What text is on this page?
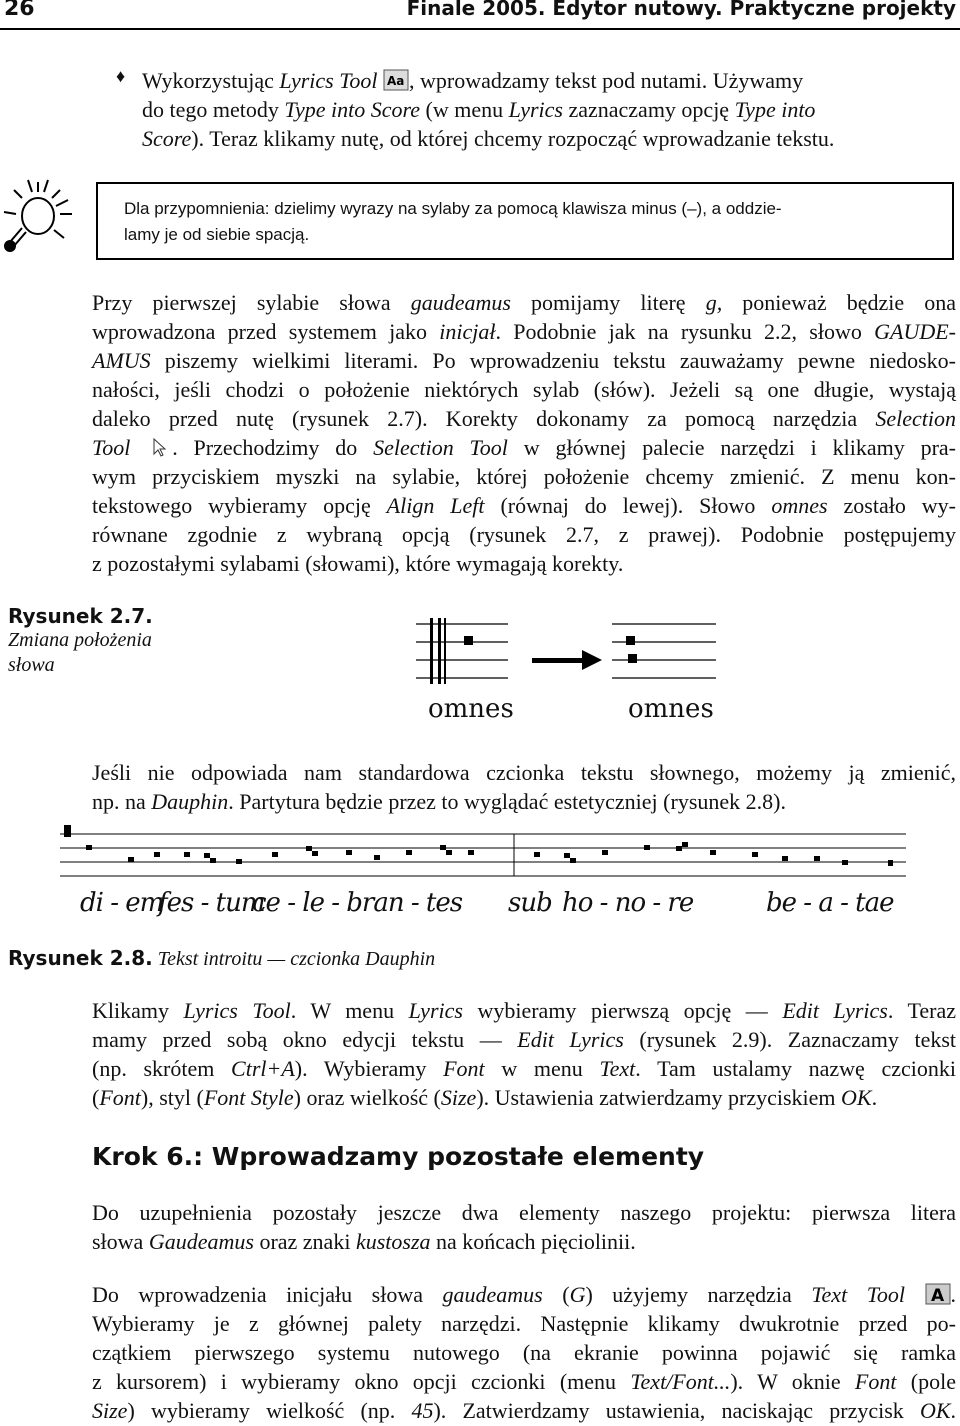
26	Finale 2005. Edytor nutowy. Praktyczne projekty
♦ Wykorzystując Lyrics Tool Aa , wprowadzamy tekst pod nutami. Używamy
do tego metody Type into Score (w menu Lyrics zaznaczamy opcję Type into
Score). Teraz klikamy nutę, od której chcemy rozpocząć wprowadzanie tekstu.
Dla przypomnienia: dzielimy wyrazy na sylaby za pomocą klawisza minus (–), a oddzie-
lamy je od siebie spacją.
Przy pierwszej sylabie słowa gaudeamus pomijamy literę g, ponieważ będzie ona
wprowadzona przed systemem jako inicjał. Podobnie jak na rysunku 2.2, słowo GAUDE-
AMUS piszemy wielkimi literami. Po wprowadzeniu tekstu zauważamy pewne niedosko-
nałości, jeśli chodzi o położenie niektórych sylab (słów). Jeżeli są one długie, wystają
daleko przed nutę (rysunek 2.7). Korekty dokonamy za pomocą narzędzia Selection
Tool . Przechodzimy do Selection Tool w głównej palecie narzędzi i klikamy pra-
wym przyciskiem myszki na sylabie, której położenie chcemy zmienić. Z menu kon-
tekstowego wybieramy opcję Align Left (równaj do lewej). Słowo omnes zostało wy-
równane zgodnie z wybraną opcją (rysunek 2.7, z prawej). Podobnie postępujemy
z pozostałymi sylabami (słowami), które wymagają korekty.
Rysunek 2.7.
Zmiana położenia
słowa
omnes	omnes
Jeśli nie odpowiada nam standardowa czcionka tekstu słownego, możemy ją zmienić,
np. na Dauphin. Partytura będzie przez to wyglądać estetyczniej (rysunek 2.8).
di - em
fes - tum
ce - le - bran - tes sub ho - no - re	be - a - tae
Rysunek 2.8. Tekst introitu — czcionka Dauphin
Klikamy Lyrics Tool. W menu Lyrics wybieramy pierwszą opcję — Edit Lyrics. Teraz
mamy przed sobą okno edycji tekstu — Edit Lyrics (rysunek 2.9). Zaznaczamy tekst
(np. skrótem Ctrl+A). Wybieramy Font w menu Text. Tam ustalamy nazwę czcionki
(Font), styl (Font Style) oraz wielkość (Size). Ustawienia zatwierdzamy przyciskiem OK.
Krok 6.: Wprowadzamy pozostałe elementy
Do uzupełnienia pozostały jeszcze dwa elementy naszego projektu: pierwsza litera
słowa Gaudeamus oraz znaki kustosza na końcach pięciolinii.
Do wprowadzenia inicjału słowa gaudeamus (G) użyjemy narzędzia Text Tool A .
Wybieramy je z głównej palety narzędzi. Następnie klikamy dwukrotnie przed po-
czątkiem pierwszego systemu nutowego (na ekranie powinna pojawić się ramka
z kursorem) i wybieramy okno opcji czcionki (menu Text/Font...). W oknie Font (pole
Size) wybieramy wielkość (np. 45). Zatwierdzamy ustawienia, naciskając przycisk OK.
